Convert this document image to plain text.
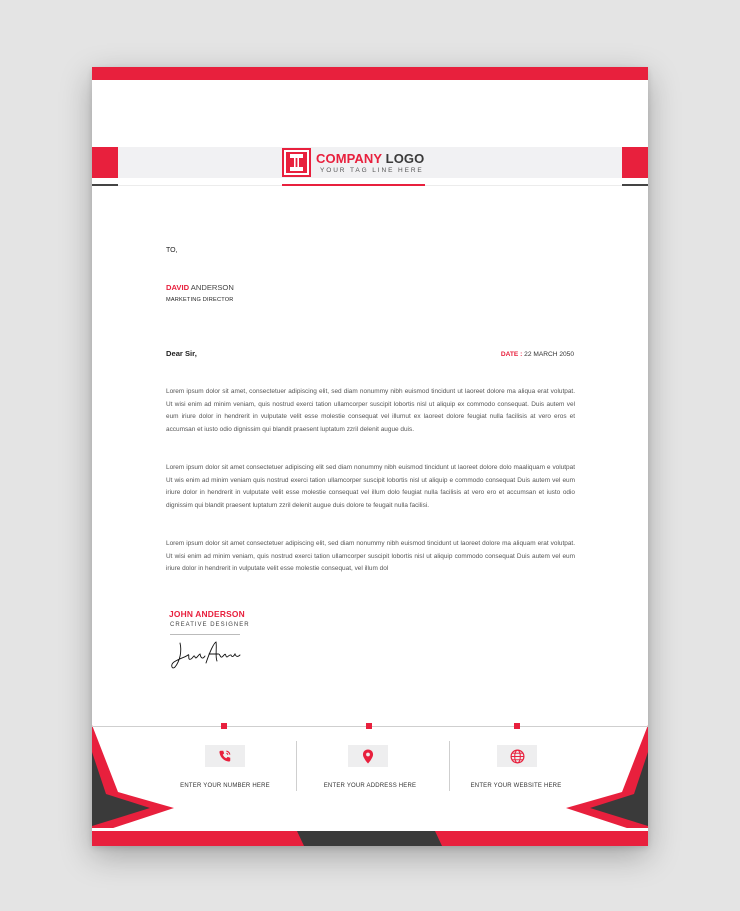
COMPANY LOGO
YOUR TAG LINE HERE
TO,
DAVID ANDERSON
MARKETING DIRECTOR
Dear Sir,	DATE : 22 MARCH 2050

Lorem ipsum dolor sit amet, consectetuer adipiscing elit, sed diam nonummy nibh euismod tincidunt ut laoreet dolore ma aliqua erat volutpat. Ut wisi enim ad minim veniam, quis nostrud exerci tation ullamcorper suscipit lobortis nisl ut aliquip ex commodo consequat. Duis autem vel eum iriure dolor in hendrerit in vulputate velit esse molestie consequat vel illumut ex laoreet dolore feugiat nulla facilisis at vero eros et accumsan et iusto odio dignissim qui blandit praesent luptatum zzril delenit augue duis.

Lorem ipsum dolor sit amet consectetuer adipiscing elit sed diam nonummy nibh euismod tincidunt ut laoreet dolore dolo maaliquam e volutpat Ut wis enim ad minim veniam quis nostrud exerci tation ullamcorper suscipit lobortis nisl ut aliquip e commodo consequat Duis autem vel eum iriure dolor in hendrerit in vulputate velit esse molestie consequat vel illum dolo feugiat nulla facilisis at vero ero et accumsan et iusto odio dignissim qui blandit praesent luptatum zzril delenit augue duis dolore te feugait nulla facilisi.

Lorem ipsum dolor sit amet consectetuer adipiscing elit, sed diam nonummy nibh euismod tincidunt ut laoreet dolore ma aliquam erat volutpat. Ut wisi enim ad minim veniam, quis nostrud exerci tation ullamcorper suscipit lobortis nisl ut aliquip commodo consequat Duis autem vel eum iriure dolor in hendrerit in vulputate velit esse molestie consequat, vel illum dol

JOHN ANDERSON
CREATIVE DESIGNER
ENTER YOUR NUMBER HERE	ENTER YOUR ADDRESS HERE	ENTER YOUR WEBSITE HERE
